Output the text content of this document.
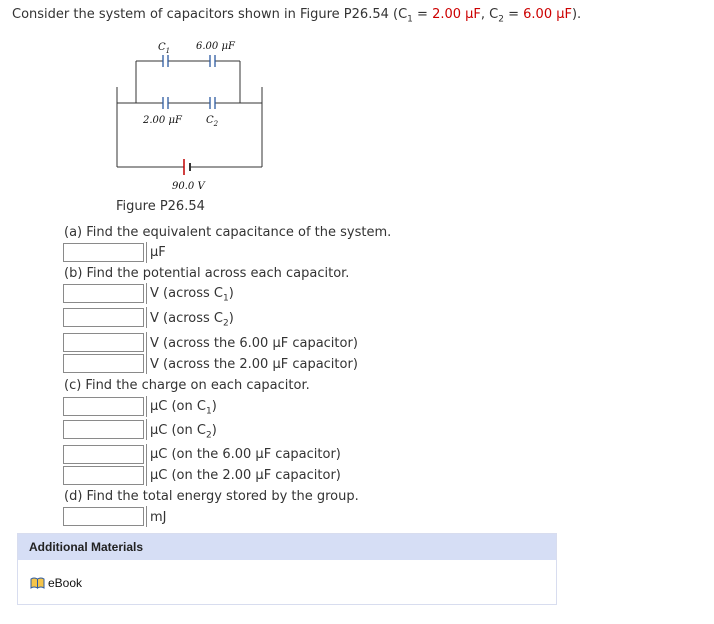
Consider the system of capacitors shown in Figure P26.54 ($C_1 = 2.00$ μF, $C_2 = 6.00$ μF).
$C_1$	6.00 μF
2.00 μF $C_2$
90.0 V
Figure P26.54
(a) Find the equivalent capacitance of the system.
μF
(b) Find the potential across each capacitor.
V (across $C_1$)
V (across $C_2$)
V (across the 6.00 μF capacitor)
V (across the 2.00 μF capacitor)
(c) Find the charge on each capacitor.
μC (on $C_1$)
μC (on $C_2$)
μC (on the 6.00 μF capacitor)
μC (on the 2.00 μF capacitor)
(d) Find the total energy stored by the group.
mJ
Additional Materials
eBook
